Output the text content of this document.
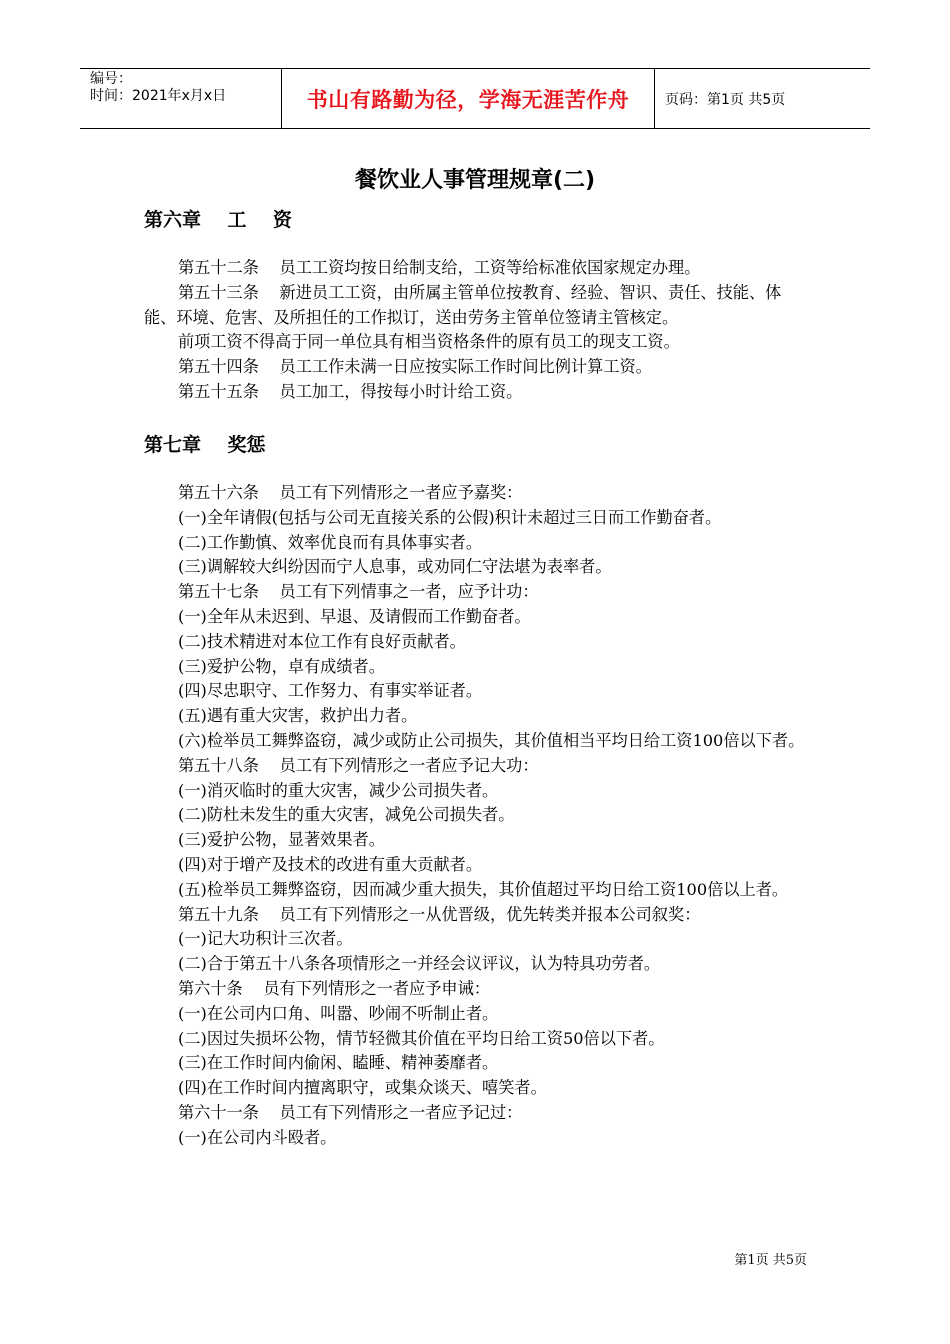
编号：
时间：2021年x月x日	书山有路勤为径，学海无涯苦作舟	页码：第1页 共5页
餐饮业人事管理规章(二)
第六章    工    资

第五十二条    员工工资均按日给制支给，工资等给标准依国家规定办理。

第五十三条    新进员工工资，由所属主管单位按教育、经验、智识、责任、技能、体能、环境、危害、及所担任的工作拟订，送由劳务主管单位签请主管核定。

前项工资不得高于同一单位具有相当资格条件的原有员工的现支工资。

第五十四条    员工工作未满一日应按实际工作时间比例计算工资。

第五十五条    员工加工，得按每小时计给工资。

第七章    奖惩

第五十六条    员工有下列情形之一者应予嘉奖：

(一)全年请假(包括与公司无直接关系的公假)积计未超过三日而工作勤奋者。

(二)工作勤慎、效率优良而有具体事实者。

(三)调解较大纠纷因而宁人息事，或劝同仁守法堪为表率者。

第五十七条    员工有下列情事之一者，应予计功：

(一)全年从未迟到、早退、及请假而工作勤奋者。

(二)技术精进对本位工作有良好贡献者。

(三)爱护公物，卓有成绩者。

(四)尽忠职守、工作努力、有事实举证者。

(五)遇有重大灾害，救护出力者。

(六)检举员工舞弊盗窃，减少或防止公司损失，其价值相当平均日给工资100倍以下者。

第五十八条    员工有下列情形之一者应予记大功：

(一)消灭临时的重大灾害，减少公司损失者。

(二)防杜未发生的重大灾害，减免公司损失者。

(三)爱护公物，显著效果者。

(四)对于增产及技术的改进有重大贡献者。

(五)检举员工舞弊盗窃，因而减少重大损失，其价值超过平均日给工资100倍以上者。

第五十九条    员工有下列情形之一从优晋级，优先转类并报本公司叙奖：

(一)记大功积计三次者。

(二)合于第五十八条各项情形之一并经会议评议，认为特具功劳者。

第六十条    员有下列情形之一者应予申诫：

(一)在公司内口角、叫嚣、吵闹不听制止者。

(二)因过失损坏公物，情节轻微其价值在平均日给工资50倍以下者。

(三)在工作时间内偷闲、瞌睡、精神萎靡者。

(四)在工作时间内擅离职守，或集众谈天、嘻笑者。

第六十一条    员工有下列情形之一者应予记过：

(一)在公司内斗殴者。

第1页 共5页
